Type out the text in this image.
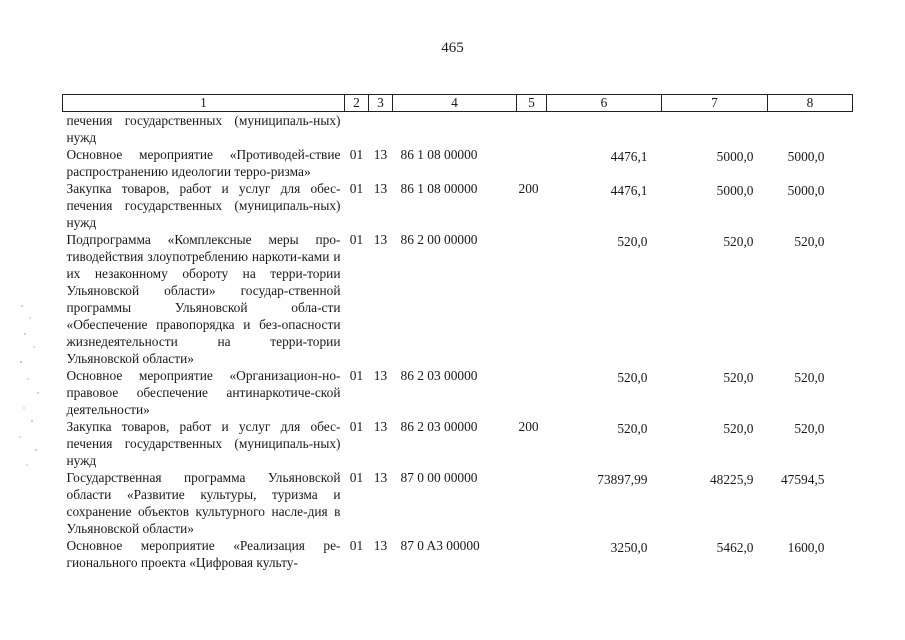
465
1	2	3	4	5	6	7	8
печения государственных (муниципаль-ных) нужд							
Основное мероприятие «Противодей-ствие распространению идеологии терро-ризма»	01	13	86 1 08 00000		4476,1	5000,0	5000,0
Закупка товаров, работ и услуг для обес-печения государственных (муниципаль-ных) нужд	01	13	86 1 08 00000	200	4476,1	5000,0	5000,0
Подпрограмма «Комплексные меры про-тиводействия злоупотреблению наркоти-ками и их незаконному обороту на терри-тории Ульяновской области» государ-ственной программы Ульяновской обла-сти «Обеспечение правопорядка и без-опасности жизнедеятельности на терри-тории Ульяновской области»	01	13	86 2 00 00000		520,0	520,0	520,0
Основное мероприятие «Организацион-но-правовое обеспечение антинаркотиче-ской деятельности»	01	13	86 2 03 00000		520,0	520,0	520,0
Закупка товаров, работ и услуг для обес-печения государственных (муниципаль-ных) нужд	01	13	86 2 03 00000	200	520,0	520,0	520,0
Государственная программа Ульяновской области «Развитие культуры, туризма и сохранение объектов культурного насле-дия в Ульяновской области»	01	13	87 0 00 00000		73897,99	48225,9	47594,5
Основное мероприятие «Реализация ре-гионального проекта «Цифровая культу-	01	13	87 0 A3 00000		3250,0	5462,0	1600,0
